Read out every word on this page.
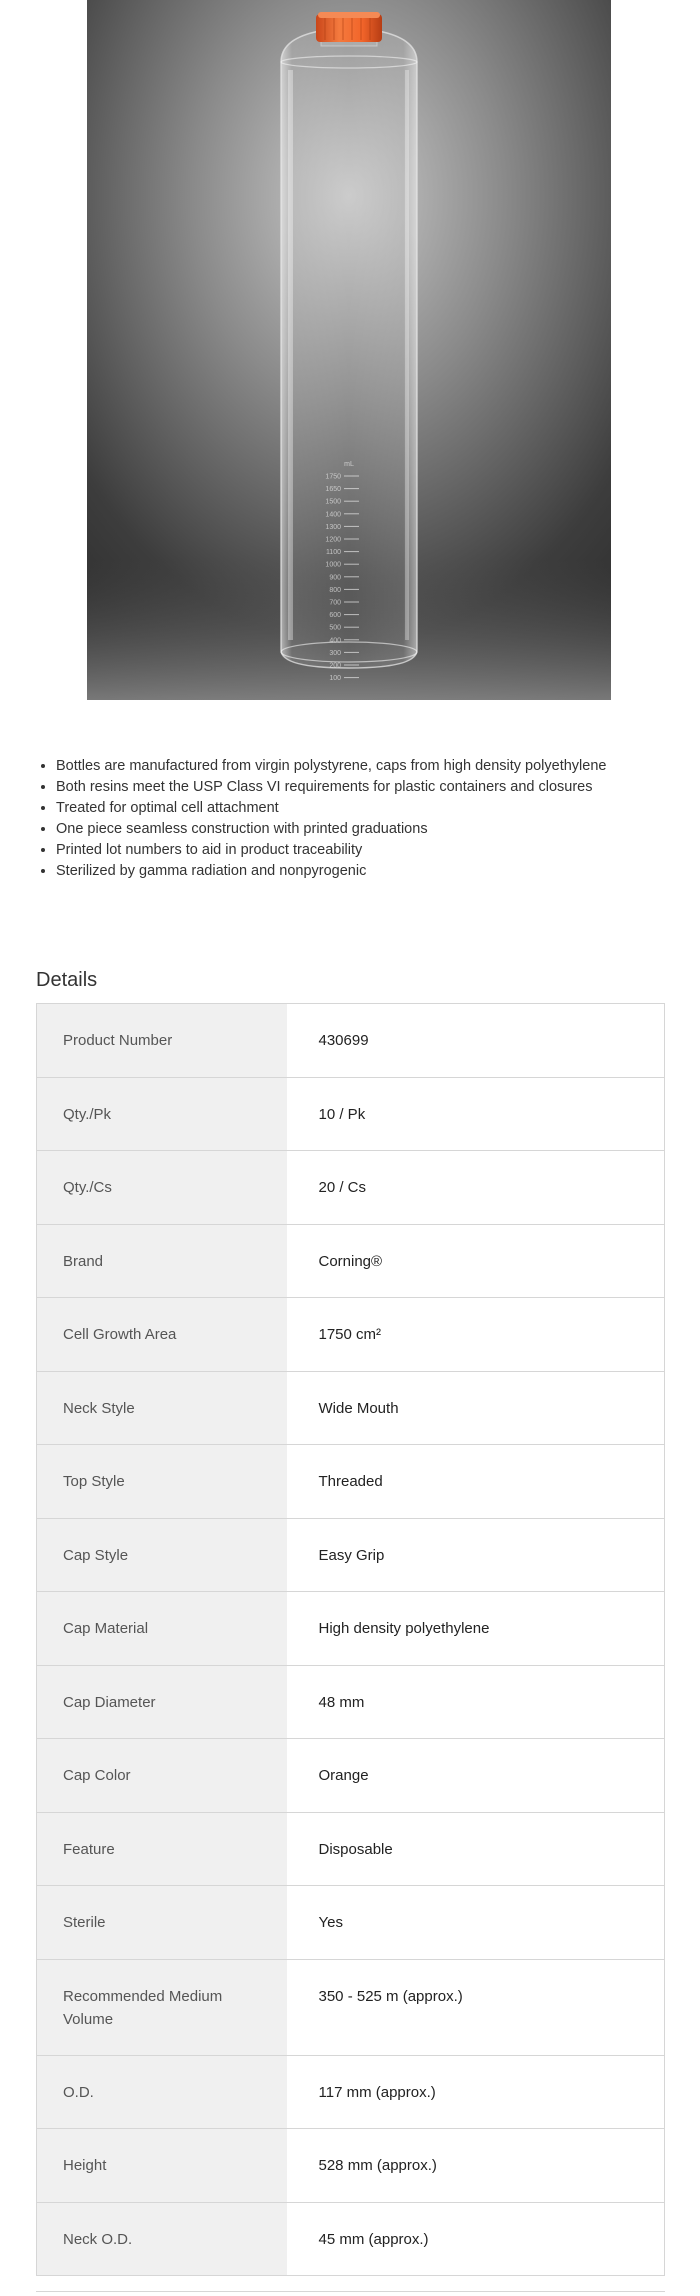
mL
1750
1650
1500
1400
1300
1200
1100
1000
900
800
700
600
500
400
300
200
100
• Bottles are manufactured from virgin polystyrene, caps from high density polyethylene
• Both resins meet the USP Class VI requirements for plastic containers and closures
• Treated for optimal cell attachment
• One piece seamless construction with printed graduations
• Printed lot numbers to aid in product traceability
• Sterilized by gamma radiation and nonpyrogenic
Details
Product Number	430699
Qty./Pk	10 / Pk
Qty./Cs	20 / Cs
Brand	Corning®
Cell Growth Area	1750 cm²
Neck Style	Wide Mouth
Top Style	Threaded
Cap Style	Easy Grip
Cap Material	High density polyethylene
Cap Diameter	48 mm
Cap Color	Orange
Feature	Disposable
Sterile	Yes
Recommended Medium Volume	350 - 525 m (approx.)
O.D.	117 mm (approx.)
Height	528 mm (approx.)
Neck O.D.	45 mm (approx.)
